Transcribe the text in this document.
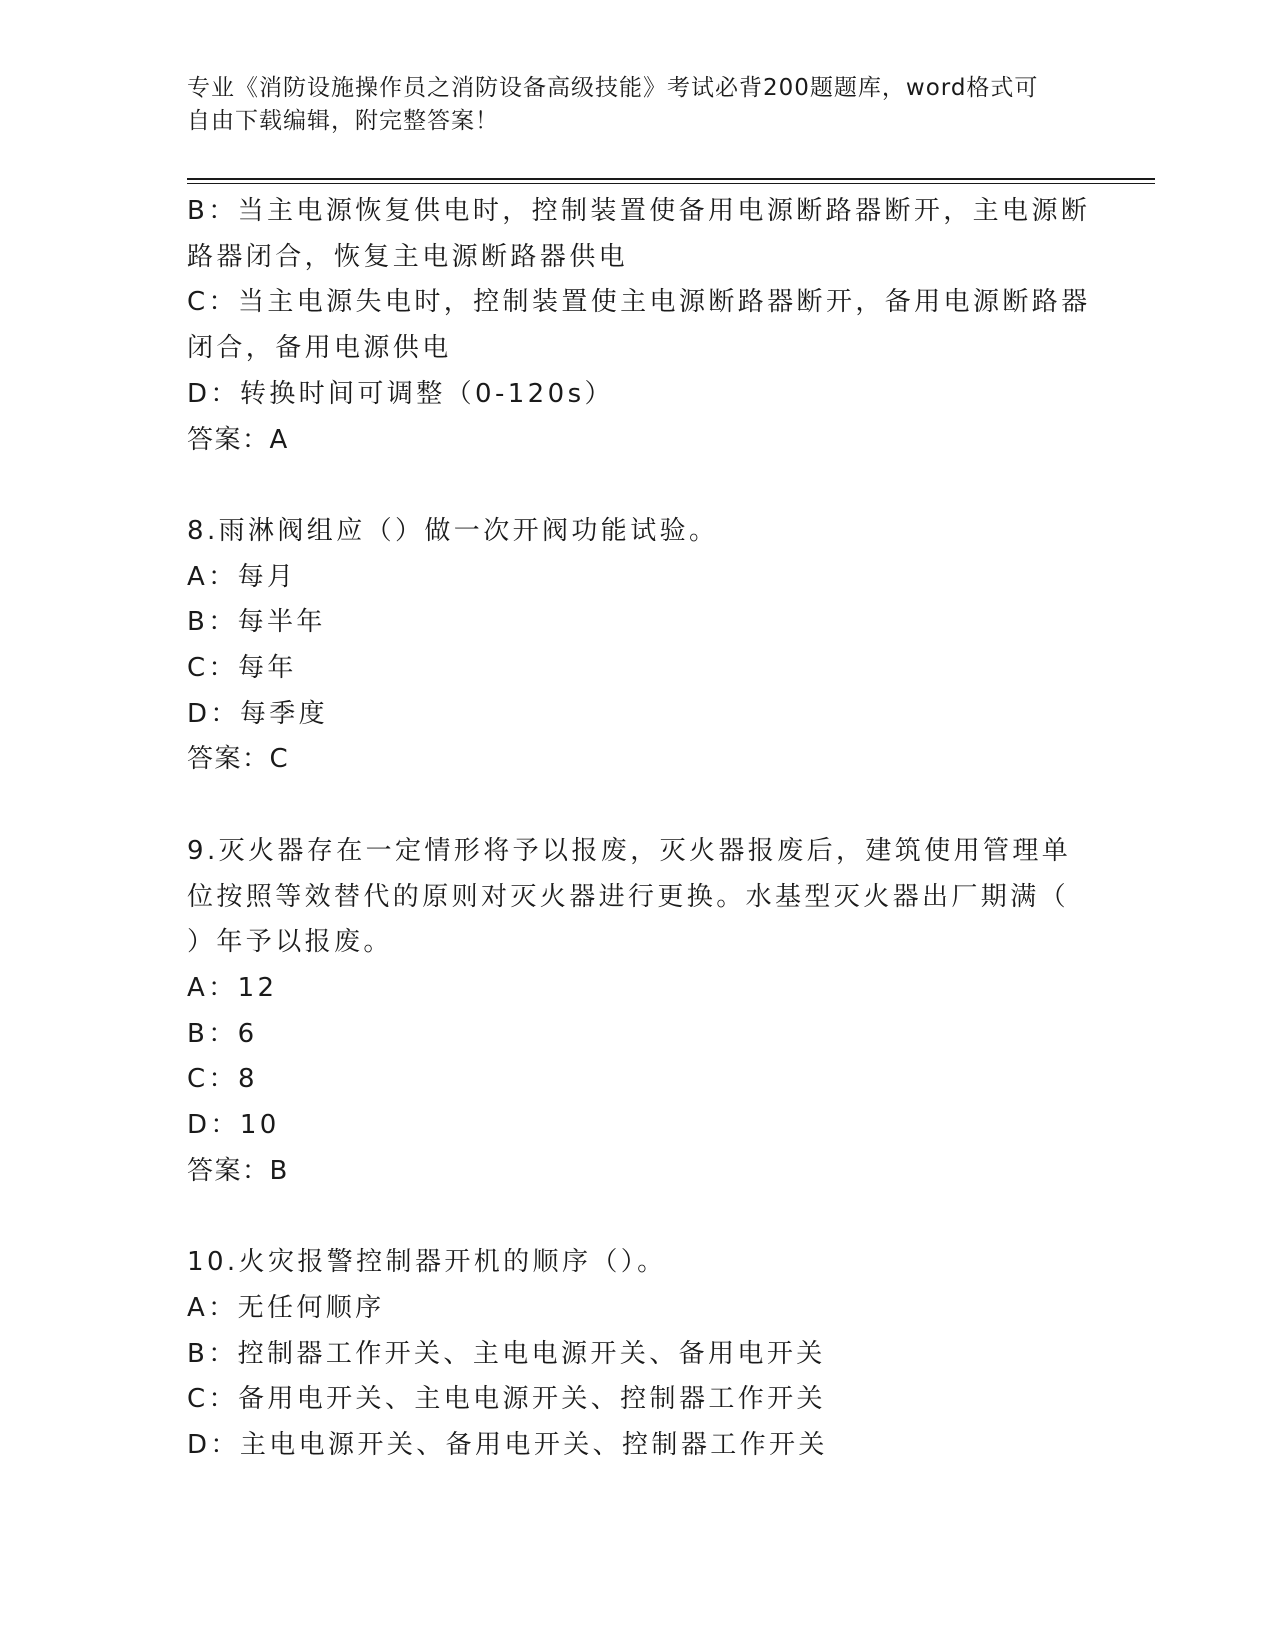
专业《消防设施操作员之消防设备高级技能》考试必背200题题库，word格式可
自由下载编辑，附完整答案！
B：当主电源恢复供电时，控制装置使备用电源断路器断开，主电源断
路器闭合，恢复主电源断路器供电
C：当主电源失电时，控制装置使主电源断路器断开，备用电源断路器
闭合，备用电源供电
D：转换时间可调整（0-120s）
答案：A
8.雨淋阀组应（）做一次开阀功能试验。
A：每月
B：每半年
C：每年
D：每季度
答案：C
9.灭火器存在一定情形将予以报废，灭火器报废后，建筑使用管理单
位按照等效替代的原则对灭火器进行更换。水基型灭火器出厂期满（
）年予以报废。
A：12
B：6
C：8
D：10
答案：B
10.火灾报警控制器开机的顺序（）。
A：无任何顺序
B：控制器工作开关、主电电源开关、备用电开关
C：备用电开关、主电电源开关、控制器工作开关
D：主电电源开关、备用电开关、控制器工作开关
